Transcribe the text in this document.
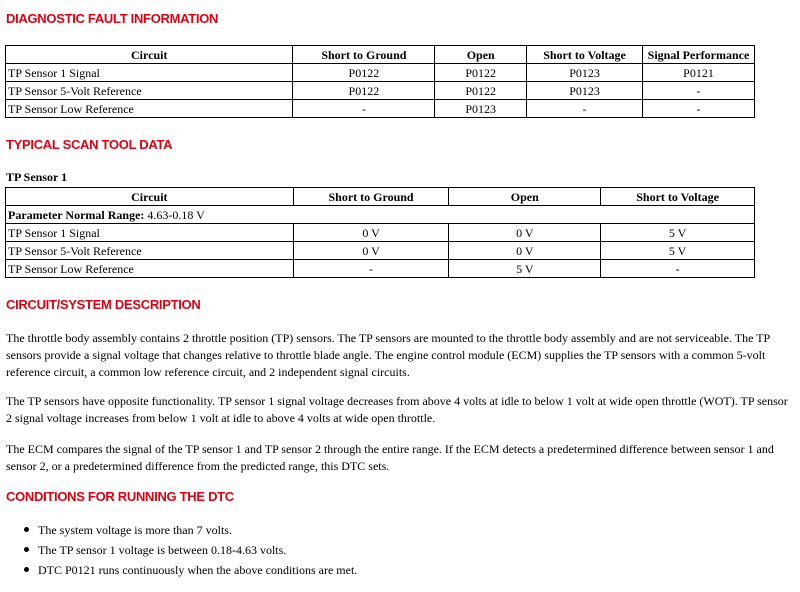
DIAGNOSTIC FAULT INFORMATION
Circuit	Short to Ground	Open	Short to Voltage	Signal Performance
TP Sensor 1 Signal	P0122	P0122	P0123	P0121
TP Sensor 5-Volt Reference	P0122	P0122	P0123	-
TP Sensor Low Reference	-	P0123	-	-
TYPICAL SCAN TOOL DATA
TP Sensor 1
Circuit	Short to Ground	Open	Short to Voltage
Parameter Normal Range: 4.63-0.18 V			
TP Sensor 1 Signal	0 V	0 V	5 V
TP Sensor 5-Volt Reference	0 V	0 V	5 V
TP Sensor Low Reference	-	5 V	-
CIRCUIT/SYSTEM DESCRIPTION

The throttle body assembly contains 2 throttle position (TP) sensors. The TP sensors are mounted to the throttle body assembly and are not serviceable. The TP sensors provide a signal voltage that changes relative to throttle blade angle. The engine control module (ECM) supplies the TP sensors with a common 5-volt reference circuit, a common low reference circuit, and 2 independent signal circuits.

The TP sensors have opposite functionality. TP sensor 1 signal voltage decreases from above 4 volts at idle to below 1 volt at wide open throttle (WOT). TP sensor 2 signal voltage increases from below 1 volt at idle to above 4 volts at wide open throttle.

The ECM compares the signal of the TP sensor 1 and TP sensor 2 through the entire range. If the ECM detects a predetermined difference between sensor 1 and sensor 2, or a predetermined difference from the predicted range, this DTC sets.

CONDITIONS FOR RUNNING THE DTC
The system voltage is more than 7 volts.
The TP sensor 1 voltage is between 0.18-4.63 volts.
DTC P0121 runs continuously when the above conditions are met.
